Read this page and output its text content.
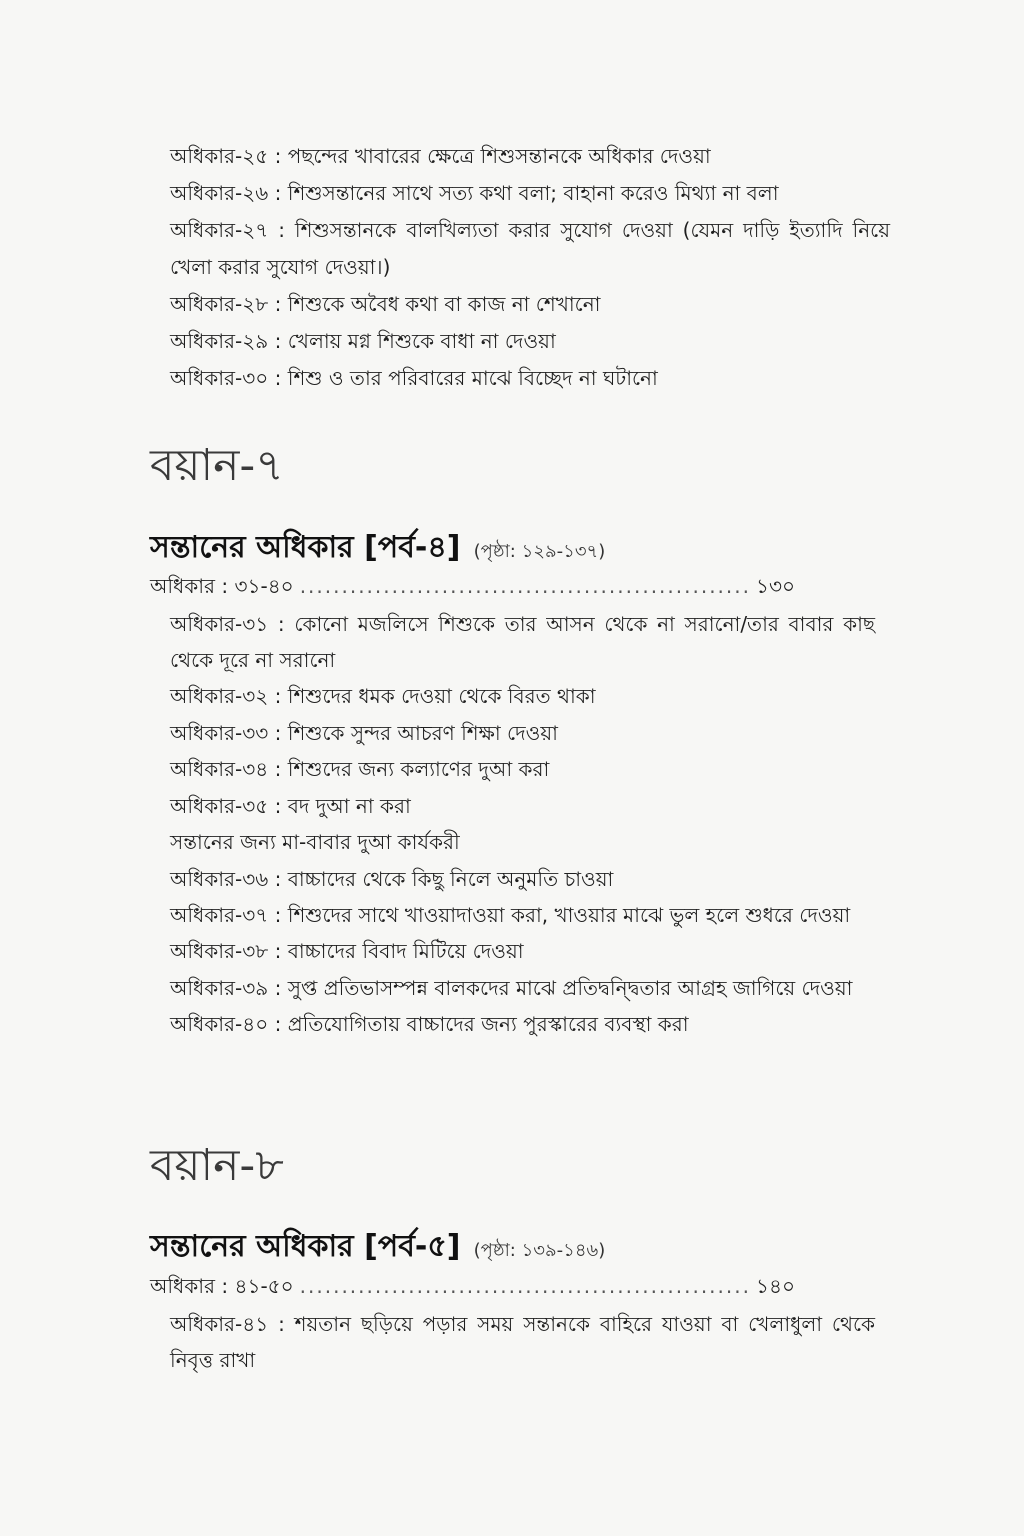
অধিকার-২৫ : পছন্দের খাবারের ক্ষেত্রে শিশুসন্তানকে অধিকার দেওয়া
অধিকার-২৬ : শিশুসন্তানের সাথে সত্য কথা বলা; বাহানা করেও মিথ্যা না বলা
অধিকার-২৭ : শিশুসন্তানকে বালখিল্যতা করার সুযোগ দেওয়া (যেমন দাড়ি ইত্যাদি নিয়ে খেলা করার সুযোগ দেওয়া।)
অধিকার-২৮ : শিশুকে অবৈধ কথা বা কাজ না শেখানো
অধিকার-২৯ : খেলায় মগ্ন শিশুকে বাধা না দেওয়া
অধিকার-৩০ : শিশু ও তার পরিবারের মাঝে বিচ্ছেদ না ঘটানো
বয়ান-৭
সন্তানের অধিকার [পর্ব-৪] (পৃষ্ঠা: ১২৯-১৩৭)
অধিকার : ৩১-৪০ .....	১৩০
অধিকার-৩১ : কোনো মজলিসে শিশুকে তার আসন থেকে না সরানো/তার বাবার কাছ থেকে দূরে না সরানো
অধিকার-৩২ : শিশুদের ধমক দেওয়া থেকে বিরত থাকা
অধিকার-৩৩ : শিশুকে সুন্দর আচরণ শিক্ষা দেওয়া
অধিকার-৩৪ : শিশুদের জন্য কল্যাণের দুআ করা
অধিকার-৩৫ : বদ দুআ না করা
সন্তানের জন্য মা-বাবার দুআ কার্যকরী
অধিকার-৩৬ : বাচ্চাদের থেকে কিছু নিলে অনুমতি চাওয়া
অধিকার-৩৭ : শিশুদের সাথে খাওয়াদাওয়া করা, খাওয়ার মাঝে ভুল হলে শুধরে দেওয়া
অধিকার-৩৮ : বাচ্চাদের বিবাদ মিটিয়ে দেওয়া
অধিকার-৩৯ : সুপ্ত প্রতিভাসম্পন্ন বালকদের মাঝে প্রতিদ্বন্দ্বিতার আগ্রহ জাগিয়ে দেওয়া
অধিকার-৪০ : প্রতিযোগিতায় বাচ্চাদের জন্য পুরস্কারের ব্যবস্থা করা
বয়ান-৮
সন্তানের অধিকার [পর্ব-৫] (পৃষ্ঠা: ১৩৯-১৪৬)
অধিকার : ৪১-৫০ .....	১৪০
অধিকার-৪১ : শয়তান ছড়িয়ে পড়ার সময় সন্তানকে বাহিরে যাওয়া বা খেলাধুলা থেকে নিবৃত্ত রাখা
